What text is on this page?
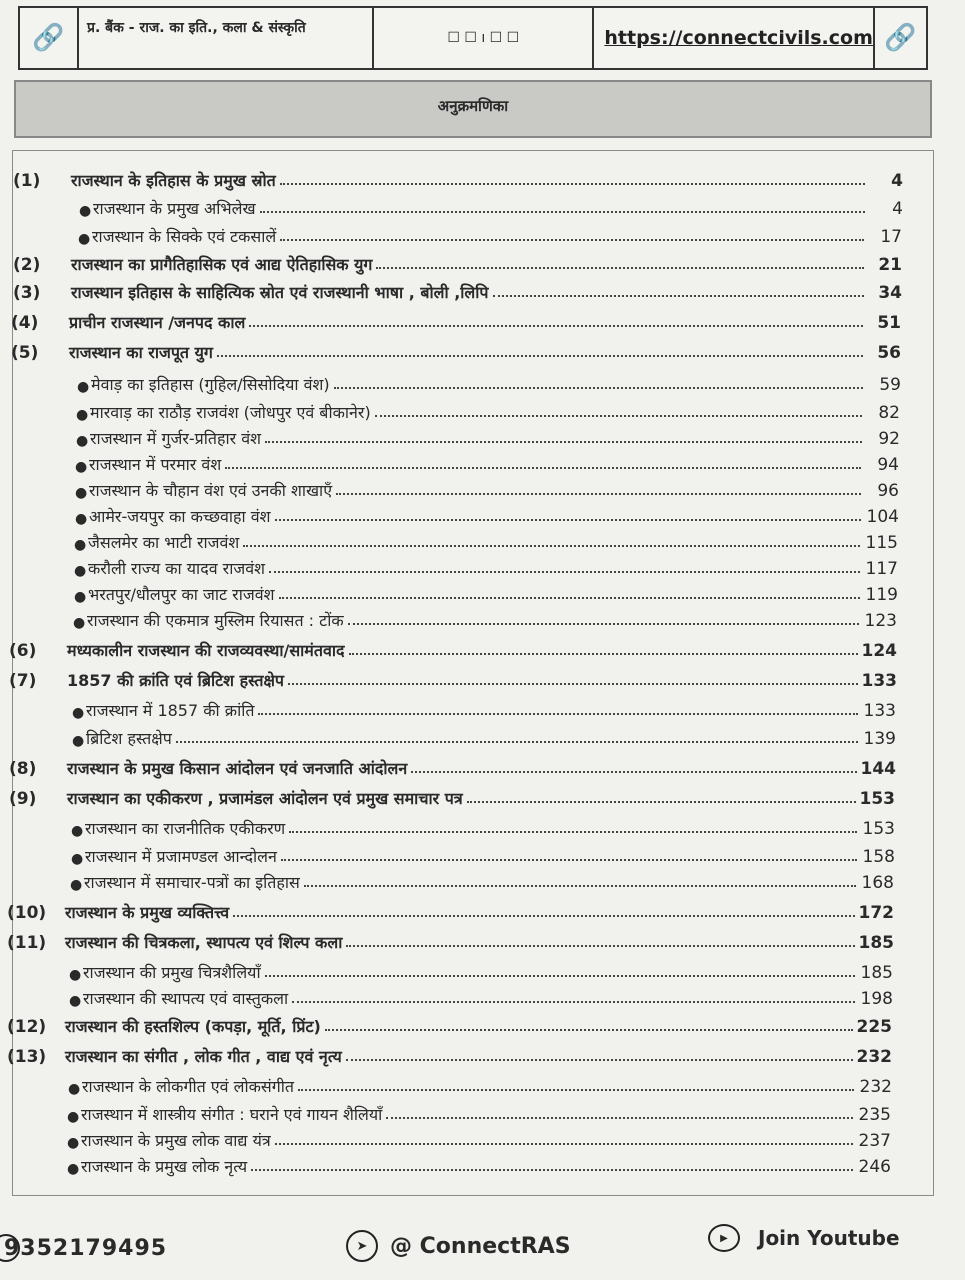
🔗	प्र. बैंक - राज. का इति., कला & संस्कृति
☐ ☐ ı ☐ ☐	https://connectcivils.com 🔗
अनुक्रमणिका
(1)	राजस्थान के इतिहास के प्रमुख स्रोत	4
● राजस्थान के प्रमुख अभिलेख	4
● राजस्थान के सिक्के एवं टकसालें	17
(2)	राजस्थान का प्रागैतिहासिक एवं आद्य ऐतिहासिक युग	21
(3)	राजस्थान इतिहास के साहित्यिक स्रोत एवं राजस्थानी भाषा , बोली ,लिपि	34
(4)	प्राचीन राजस्थान /जनपद काल	51
(5)	राजस्थान का राजपूत युग	56
● मेवाड़ का इतिहास (गुहिल/सिसोदिया वंश)	59
● मारवाड़ का राठौड़ राजवंश (जोधपुर एवं बीकानेर)	82
● राजस्थान में गुर्जर-प्रतिहार वंश	92
● राजस्थान में परमार वंश	94
● राजस्थान के चौहान वंश एवं उनकी शाखाएँ	96
● आमेर-जयपुर का कच्छवाहा वंश	104
● जैसलमेर का भाटी राजवंश	115
● करौली राज्य का यादव राजवंश	117
● भरतपुर/धौलपुर का जाट राजवंश	119
● राजस्थान की एकमात्र मुस्लिम रियासत : टोंक	123
(6)	मध्यकालीन राजस्थान की राजव्यवस्था/सामंतवाद	124
(7)	1857 की क्रांति एवं ब्रिटिश हस्तक्षेप	133
● राजस्थान में 1857 की क्रांति	133
● ब्रिटिश हस्तक्षेप	139
(8)	राजस्थान के प्रमुख किसान आंदोलन एवं जनजाति आंदोलन	144
(9)	राजस्थान का एकीकरण , प्रजामंडल आंदोलन एवं प्रमुख समाचार पत्र	153
● राजस्थान का राजनीतिक एकीकरण	153
● राजस्थान में प्रजामण्डल आन्दोलन	158
● राजस्थान में समाचार-पत्रों का इतिहास	168
(10)	राजस्थान के प्रमुख व्यक्तित्त्व	172
(11)	राजस्थान की चित्रकला, स्थापत्य एवं शिल्प कला	185
● राजस्थान की प्रमुख चित्रशैलियाँ	185
● राजस्थान की स्थापत्य एवं वास्तुकला	198
(12)	राजस्थान की हस्तशिल्प (कपड़ा, मूर्ति, प्रिंट)	225
(13)	राजस्थान का संगीत , लोक गीत , वाद्य एवं नृत्य	232
● राजस्थान के लोकगीत एवं लोकसंगीत	232
● राजस्थान में शास्त्रीय संगीत : घराने एवं गायन शैलियाँ	235
● राजस्थान के प्रमुख लोक वाद्य यंत्र	237
● राजस्थान के प्रमुख लोक नृत्य	246
9352179495	➤	@ ConnectRAS	▶	Join Youtube
